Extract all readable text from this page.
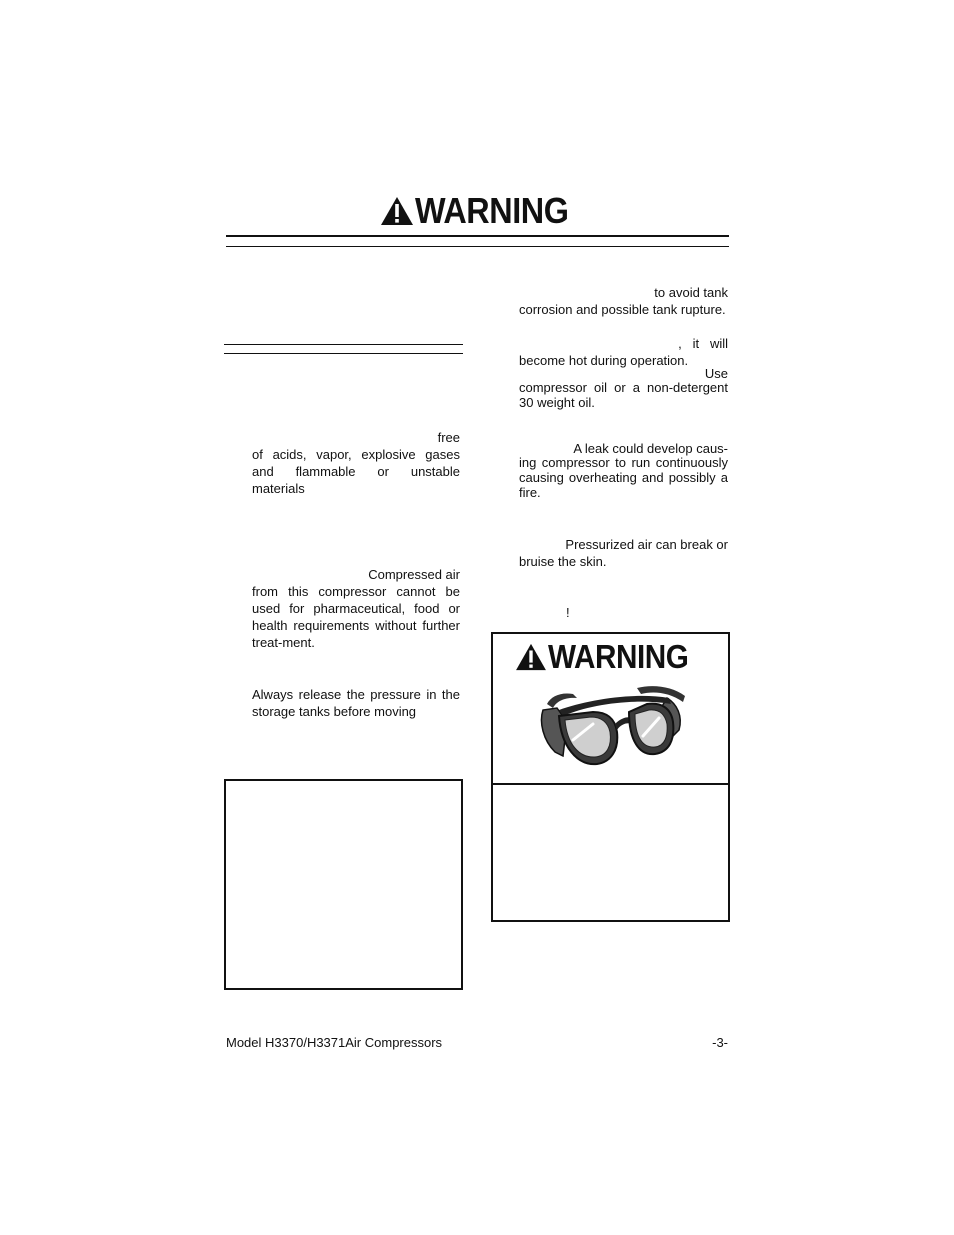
WARNING
free
of acids, vapor, explosive gases and flammable or unstable materials
Compressed air
from this compressor cannot be used for pharmaceutical, food or health requirements without further treat-ment.
Always release the pressure in the storage tanks before moving
to avoid tank
corrosion and possible tank rupture.
,   it   will
become hot during operation.
Use
compressor oil or a non-detergent 30 weight oil.
A leak could develop caus-
ing compressor to run continuously causing overheating and possibly a fire.
Pressurized air can break or
bruise the skin.
!
WARNING
Model H3370/H3371Air Compressors	-3-
